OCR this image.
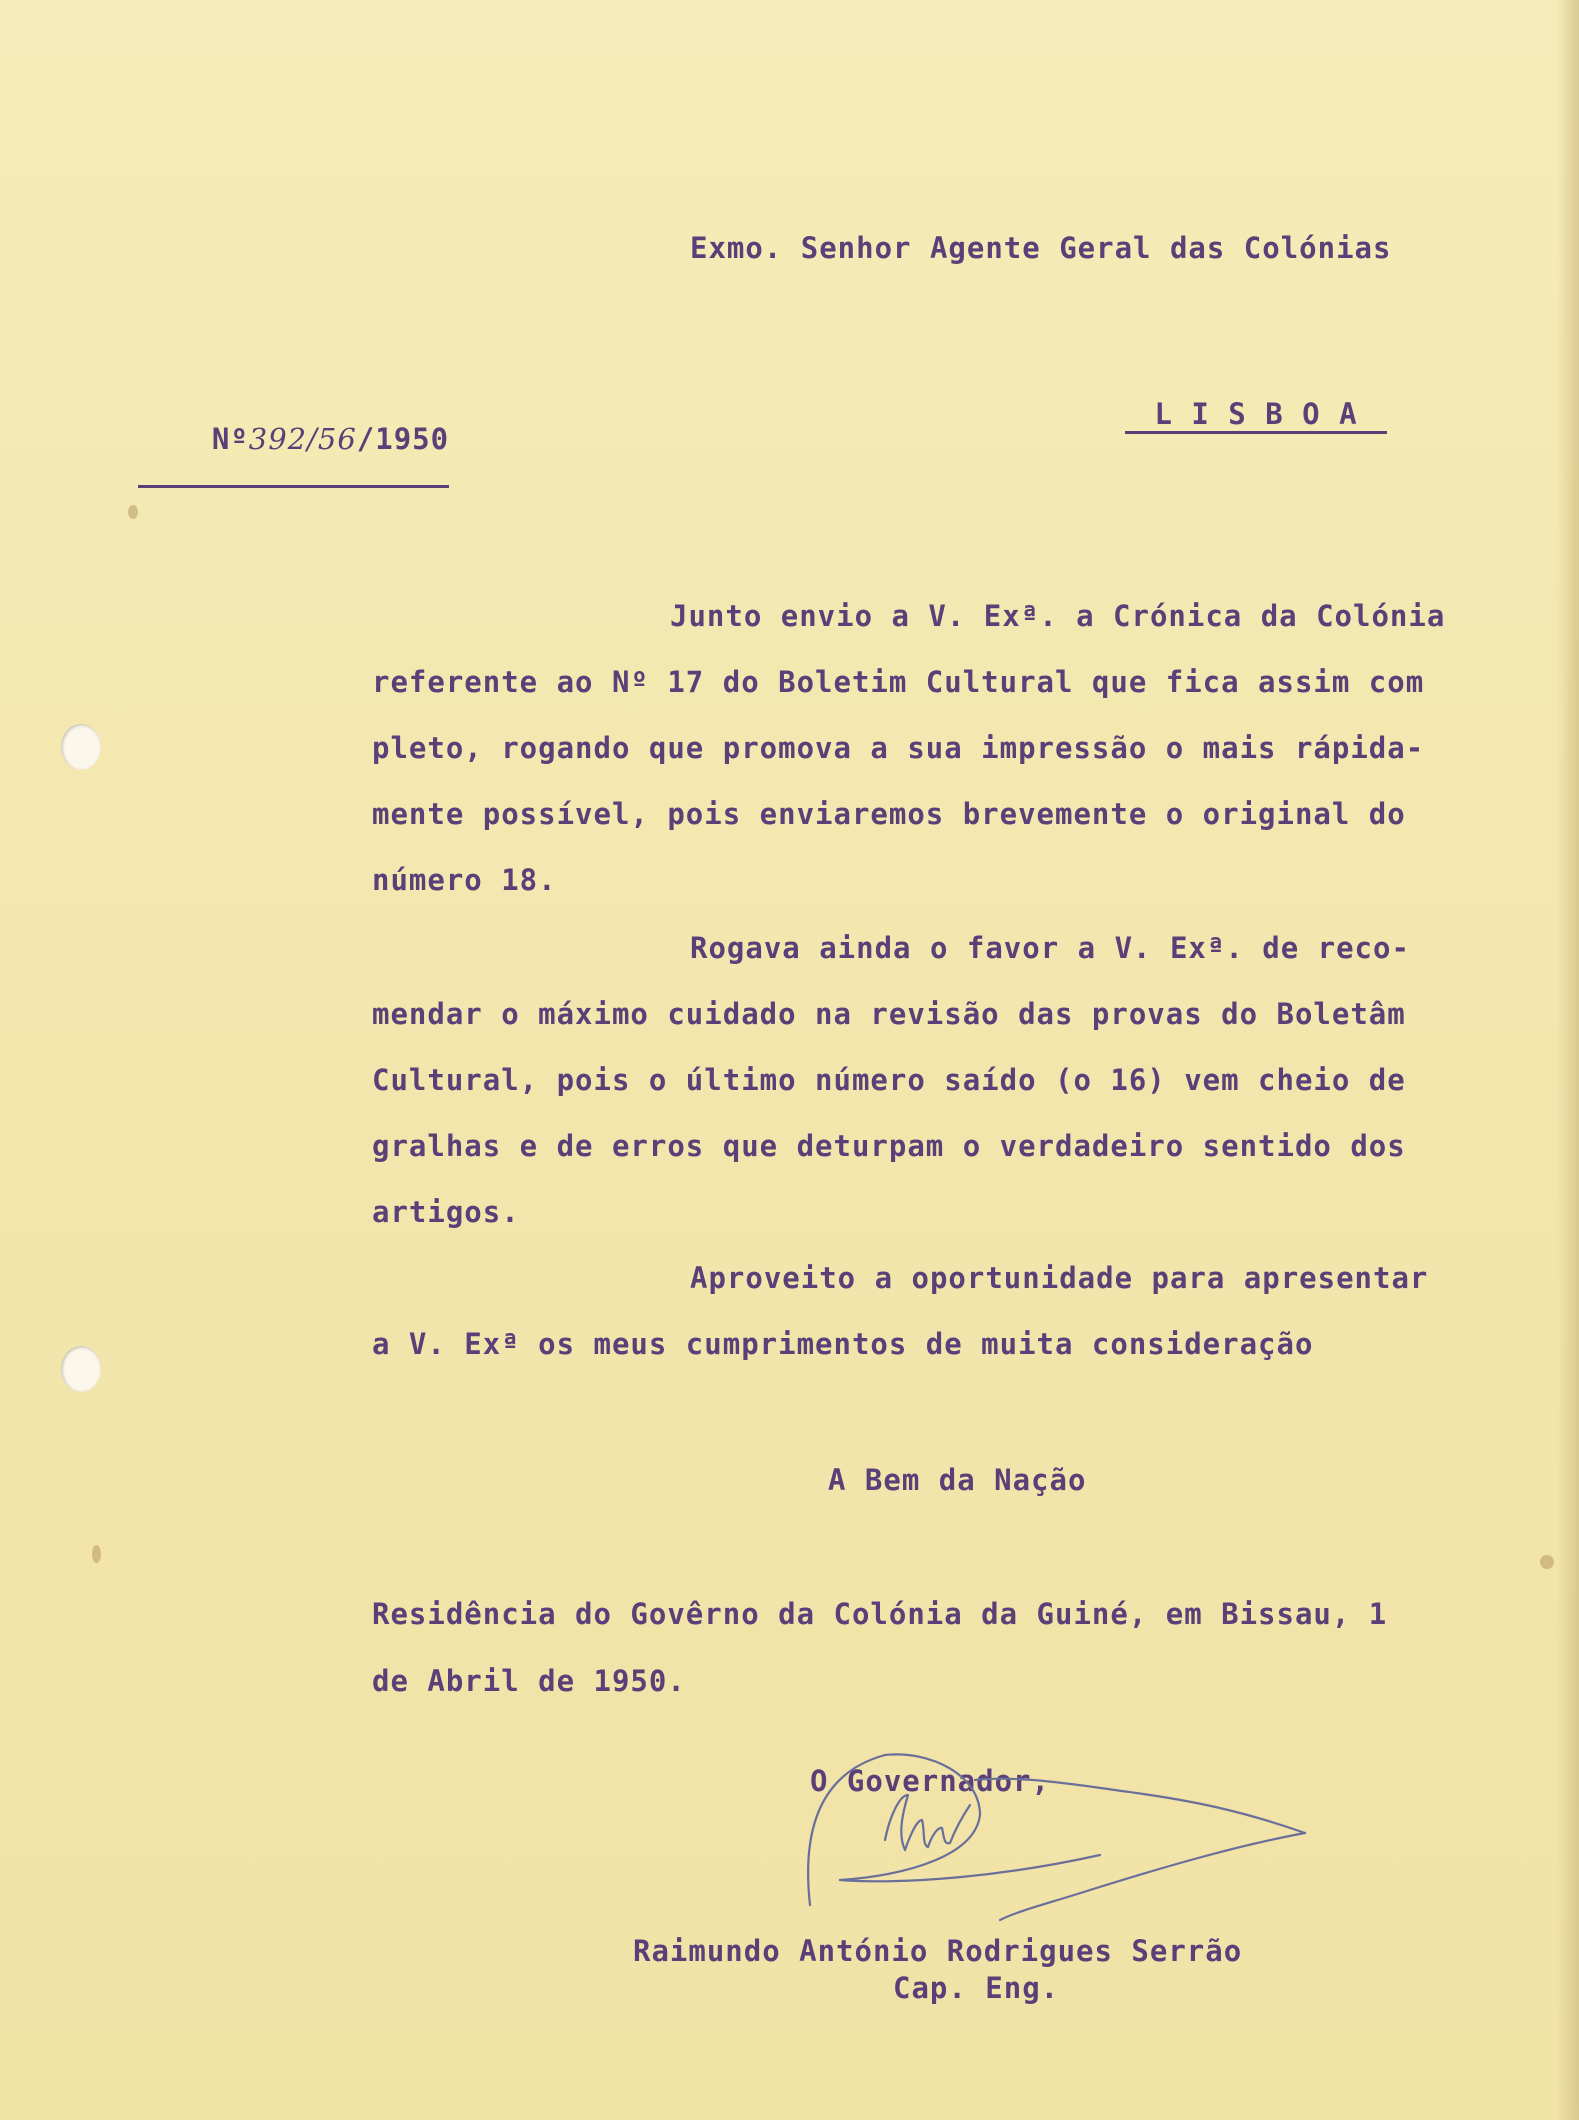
Exmo. Senhor Agente Geral das Colónias

Nº392/56/1950

L I S B O A
Junto envio a V. Exª. a Crónica da Colónia
referente ao Nº 17 do Boletim Cultural que fica assim com
pleto, rogando que promova a sua impressão o mais rápida-
mente possível, pois enviaremos brevemente o original do
número 18.
Rogava ainda o favor a V. Exª. de reco-
mendar o máximo cuidado na revisão das provas do Boletâm
Cultural, pois o último número saído (o 16) vem cheio de
gralhas e de erros que deturpam o verdadeiro sentido dos
artigos.
Aproveito a oportunidade para apresentar
a V. Exª os meus cumprimentos de muita consideração
A Bem da Nação
Residência do Govêrno da Colónia da Guiné, em Bissau, 1
de Abril de 1950.
O Governador,
Raimundo António Rodrigues Serrão
Cap. Eng.
